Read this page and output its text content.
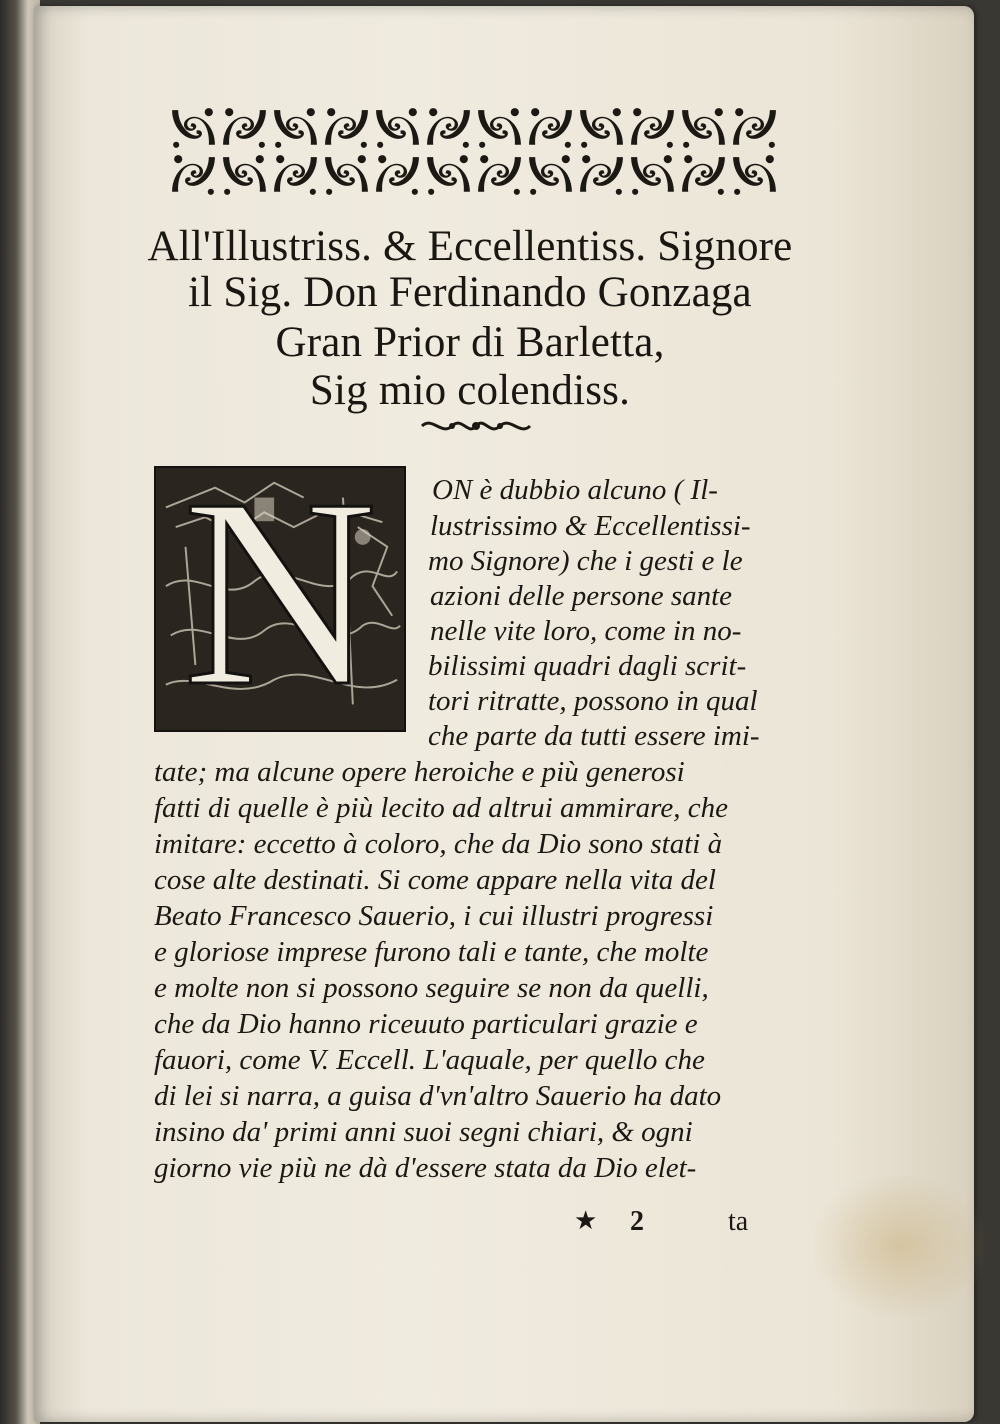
All'Illustriss. & Eccellentiss. Signore
il Sig. Don Ferdinando Gonzaga
Gran Prior di Barletta,
Sig mio colendiss.
N	ON è dubbio alcuno ( Il-
lustrissimo & Eccellentissi-
mo Signore) che i gesti e le
azioni delle persone sante
nelle vite loro, come in no-
bilissimi quadri dagli scrit-
tori ritratte, possono in qual
che parte da tutti essere imi-
tate; ma alcune opere heroiche e più generosi
fatti di quelle è più lecito ad altrui ammirare, che
imitare: eccetto à coloro, che da Dio sono stati à
cose alte destinati. Si come appare nella vita del
Beato Francesco Sauerio, i cui illustri progressi
e gloriose imprese furono tali e tante, che molte
e molte non si possono seguire se non da quelli,
che da Dio hanno riceuuto particulari grazie e
fauori, come V. Eccell. L'aquale, per quello che
di lei si narra, a guisa d'vn'altro Sauerio ha dato
insino da' primi anni suoi segni chiari, & ogni
giorno vie più ne dà d'essere stata da Dio elet-
★ 2	ta
